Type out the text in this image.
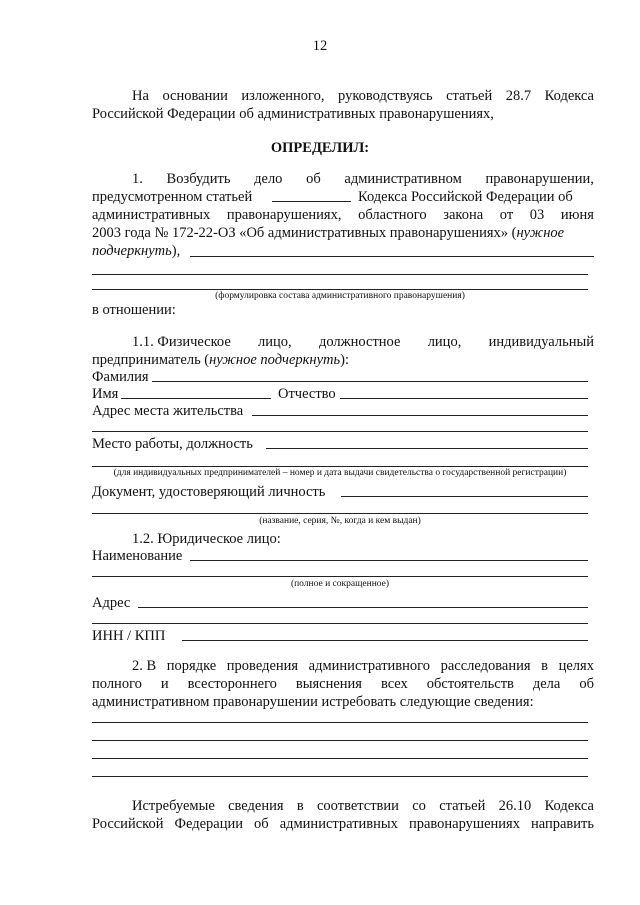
12
На основании изложенного, руководствуясь статьей 28.7 Кодекса
Российской Федерации об административных правонарушениях,
ОПРЕДЕЛИЛ:
1. Возбудить дело об административном правонарушении,
предусмотренном статьей	Кодекса Российской Федерации об
административных правонарушениях, областного закона от 03 июня
2003 года № 172-22-ОЗ «Об административных правонарушениях» (нужное
подчеркнуть),
(формулировка состава административного правонарушения)
в отношении:
1.1. Физическое лицо, должностное лицо, индивидуальный
предприниматель (нужное подчеркнуть):
Фамилия
Имя	Отчество
Адрес места жительства
Место работы, должность
(для индивидуальных предпринимателей – номер и дата выдачи свидетельства о государственной регистрации)
Документ, удостоверяющий личность
(название, серия, №, когда и кем выдан)
1.2. Юридическое лицо:
Наименование
(полное и сокращенное)
Адрес
ИНН / КПП
2. В порядке проведения административного расследования в целях
полного и всестороннего выяснения всех обстоятельств дела об
административном правонарушении истребовать следующие сведения:
Истребуемые сведения в соответствии со статьей 26.10 Кодекса
Российской Федерации об административных правонарушениях направить
